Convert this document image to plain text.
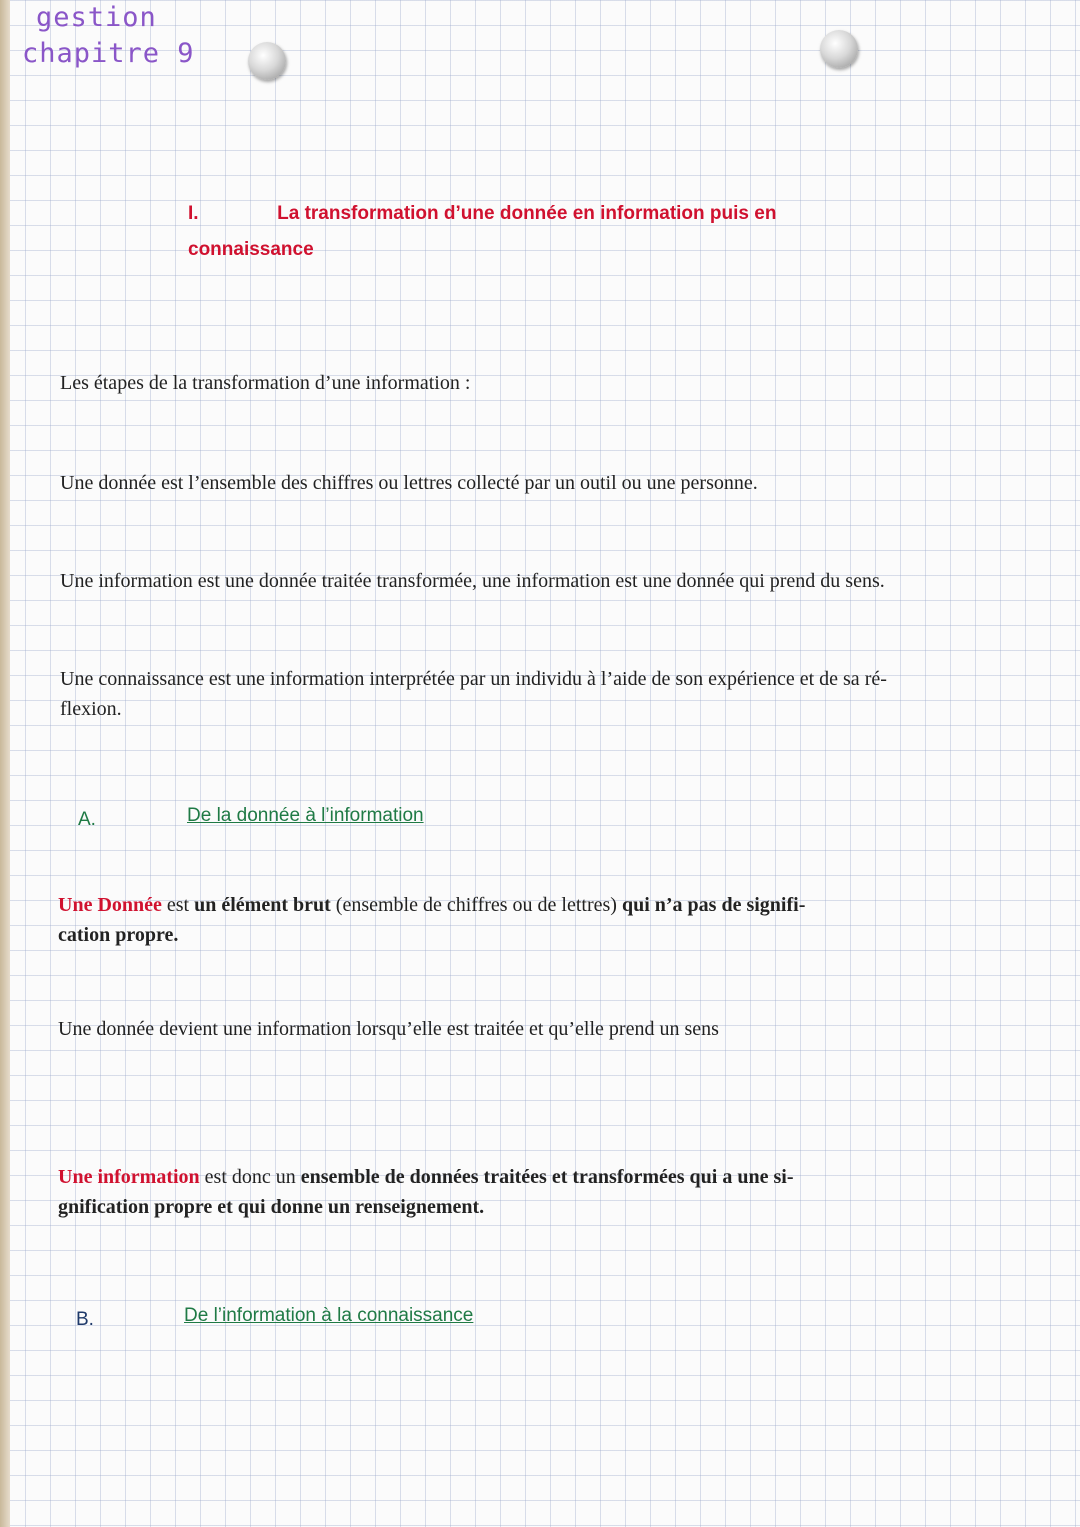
gestion
chapitre 9
I.	La transformation d’une donnée en information puis en
connaissance
Les étapes de la transformation d’une information :
Une donnée est l’ensemble des chiffres ou lettres collecté par un outil ou une personne.
Une information est une donnée traitée transformée, une information est une donnée qui prend du sens.
Une connaissance est une information interprétée par un individu à l’aide de son expérience et de sa ré-
flexion.
A.	De la donnée à l’information
Une Donnée est un élément brut (ensemble de chiffres ou de lettres) qui n’a pas de signifi-
cation propre.
Une donnée devient une information lorsqu’elle est traitée et qu’elle prend un sens
Une information est donc un ensemble de données traitées et transformées qui a une si-
gnification propre et qui donne un renseignement.
B.	De l’information à la connaissance
